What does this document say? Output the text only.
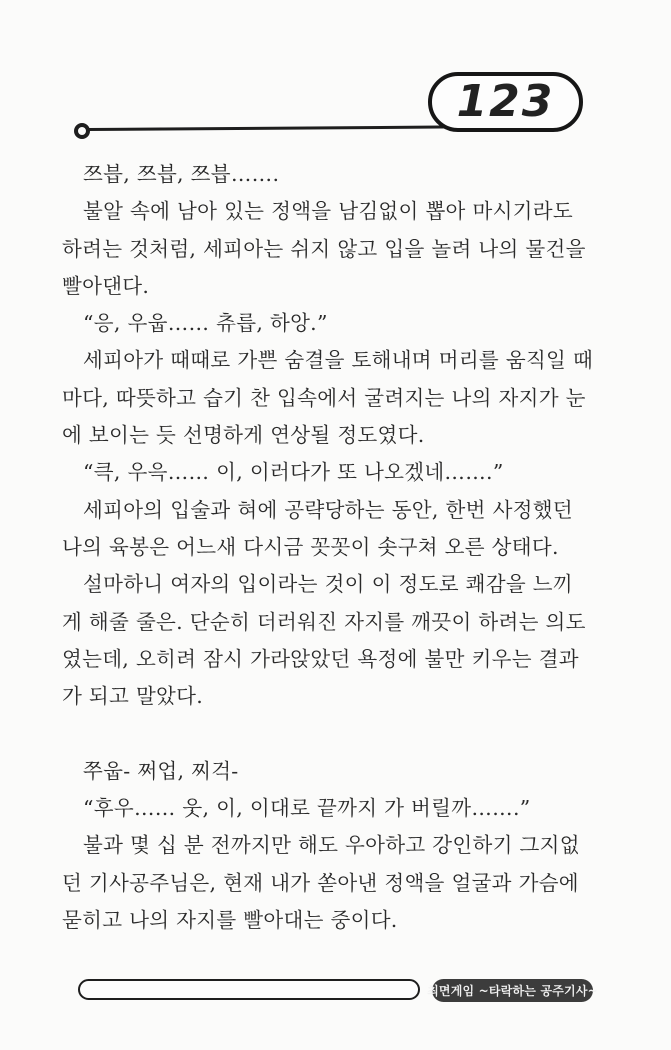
123
쯔븝, 쯔븝, 쯔븝…….
불알 속에 남아 있는 정액을 남김없이 뽑아 마시기라도
하려는 것처럼, 세피아는 쉬지 않고 입을 놀려 나의 물건을
빨아댄다.
“응, 우웁…… 츄릅, 하앙.”
세피아가 때때로 가쁜 숨결을 토해내며 머리를 움직일 때
마다, 따뜻하고 습기 찬 입속에서 굴려지는 나의 자지가 눈
에 보이는 듯 선명하게 연상될 정도였다.
“큭, 우윽…… 이, 이러다가 또 나오겠네…….”
세피아의 입술과 혀에 공략당하는 동안, 한번 사정했던
나의 육봉은 어느새 다시금 꼿꼿이 솟구쳐 오른 상태다.
설마하니 여자의 입이라는 것이 이 정도로 쾌감을 느끼
게 해줄 줄은. 단순히 더러워진 자지를 깨끗이 하려는 의도
였는데, 오히려 잠시 가라앉았던 욕정에 불만 키우는 결과
가 되고 말았다.
쭈웁- 쩌업, 찌걱-
“후우…… 웃, 이, 이대로 끝까지 가 버릴까…….”
불과 몇 십 분 전까지만 해도 우아하고 강인하기 그지없
던 기사공주님은, 현재 내가 쏟아낸 정액을 얼굴과 가슴에
묻히고 나의 자지를 빨아대는 중이다.
최면게임 ~타락하는 공주기사~
